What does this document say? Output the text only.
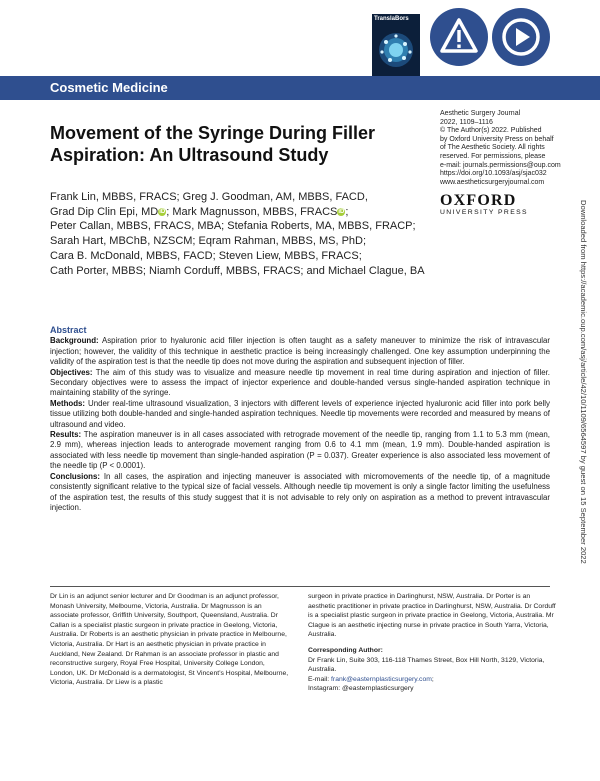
TranslaBors
Cosmetic Medicine
Movement of the Syringe During Filler Aspiration: An Ultrasound Study
Aesthetic Surgery Journal
2022, 1109–1116
© The Author(s) 2022. Published
by Oxford University Press on behalf
of The Aesthetic Society. All rights
reserved. For permissions, please
e-mail: journals.permissions@oup.com
https://doi.org/10.1093/asj/sjac032
www.aestheticsurgeryjournal.com
OXFORD
UNIVERSITY PRESS	Downloaded from https://academic.oup.com/asj/article/42/10/1109/6564597 by guest on 15 September 2022
Frank Lin, MBBS, FRACS; Greg J. Goodman, AM, MBBS, FACD,
Grad Dip Clin Epi, MDiD; Mark Magnusson, MBBS, FRACSiD;
Peter Callan, MBBS, FRACS, MBA; Stefania Roberts, MA, MBBS, FRACP;
Sarah Hart, MBChB, NZSCM; Eqram Rahman, MBBS, MS, PhD;
Cara B. McDonald, MBBS, FACD; Steven Liew, MBBS, FRACS;
Cath Porter, MBBS; Niamh Corduff, MBBS, FRACS; and Michael Clague, BA
Abstract

Background: Aspiration prior to hyaluronic acid filler injection is often taught as a safety maneuver to minimize the risk of intravascular injection; however, the validity of this technique in aesthetic practice is being increasingly challenged. One key assumption underpinning the validity of the aspiration test is that the needle tip does not move during the aspiration and subsequent injection of filler.

Objectives: The aim of this study was to visualize and measure needle tip movement in real time during aspiration and injection of filler. Secondary objectives were to assess the impact of injector experience and double-handed versus single-handed aspiration technique in maintaining stability of the syringe.

Methods: Under real-time ultrasound visualization, 3 injectors with different levels of experience injected hyaluronic acid filler into pork belly tissue utilizing both double-handed and single-handed aspiration techniques. Needle tip movements were recorded and measured by means of ultrasound and video.

Results: The aspiration maneuver is in all cases associated with retrograde movement of the needle tip, ranging from 1.1 to 5.3 mm (mean, 2.9 mm), whereas injection leads to anterograde movement ranging from 0.6 to 4.1 mm (mean, 1.9 mm). Double-handed aspiration is associated with less needle tip movement than single-handed aspiration (P = 0.037). Greater experience is also associated less movement of the needle tip (P < 0.0001).

Conclusions: In all cases, the aspiration and injecting maneuver is associated with micromovements of the needle tip, of a magnitude consistently significant relative to the typical size of facial vessels. Although needle tip movement is only a single factor limiting the usefulness of the aspiration test, the results of this study suggest that it is not advisable to rely only on aspiration as a method to prevent intravascular injection.

Dr Lin is an adjunct senior lecturer and Dr Goodman is an adjunct professor, Monash University, Melbourne, Victoria, Australia. Dr Magnusson is an associate professor, Griffith University, Southport, Queensland, Australia. Dr Callan is a specialist plastic surgeon in private practice in Geelong, Victoria, Australia. Dr Roberts is an aesthetic physician in private practice in Melbourne, Victoria, Australia. Dr Hart is an aesthetic physician in private practice in Auckland, New Zealand. Dr Rahman is an associate professor in plastic and reconstructive surgery, Royal Free Hospital, University College London, London, UK. Dr McDonald is a dermatologist, St Vincent’s Hospital, Melbourne, Victoria, Australia. Dr Liew is a plastic
surgeon in private practice in Darlinghurst, NSW, Australia. Dr Porter is an aesthetic practitioner in private practice in Darlinghurst, NSW, Australia. Dr Corduff is a specialist plastic surgeon in private practice in Geelong, Victoria, Australia. Mr Clague is an aesthetic injecting nurse in private practice in South Yarra, Victoria, Australia.
Corresponding Author:
Dr Frank Lin, Suite 303, 116-118 Thames Street, Box Hill North, 3129, Victoria, Australia.
E-mail: frank@easternplasticsurgery.com;
Instagram: @easternplasticsurgery
